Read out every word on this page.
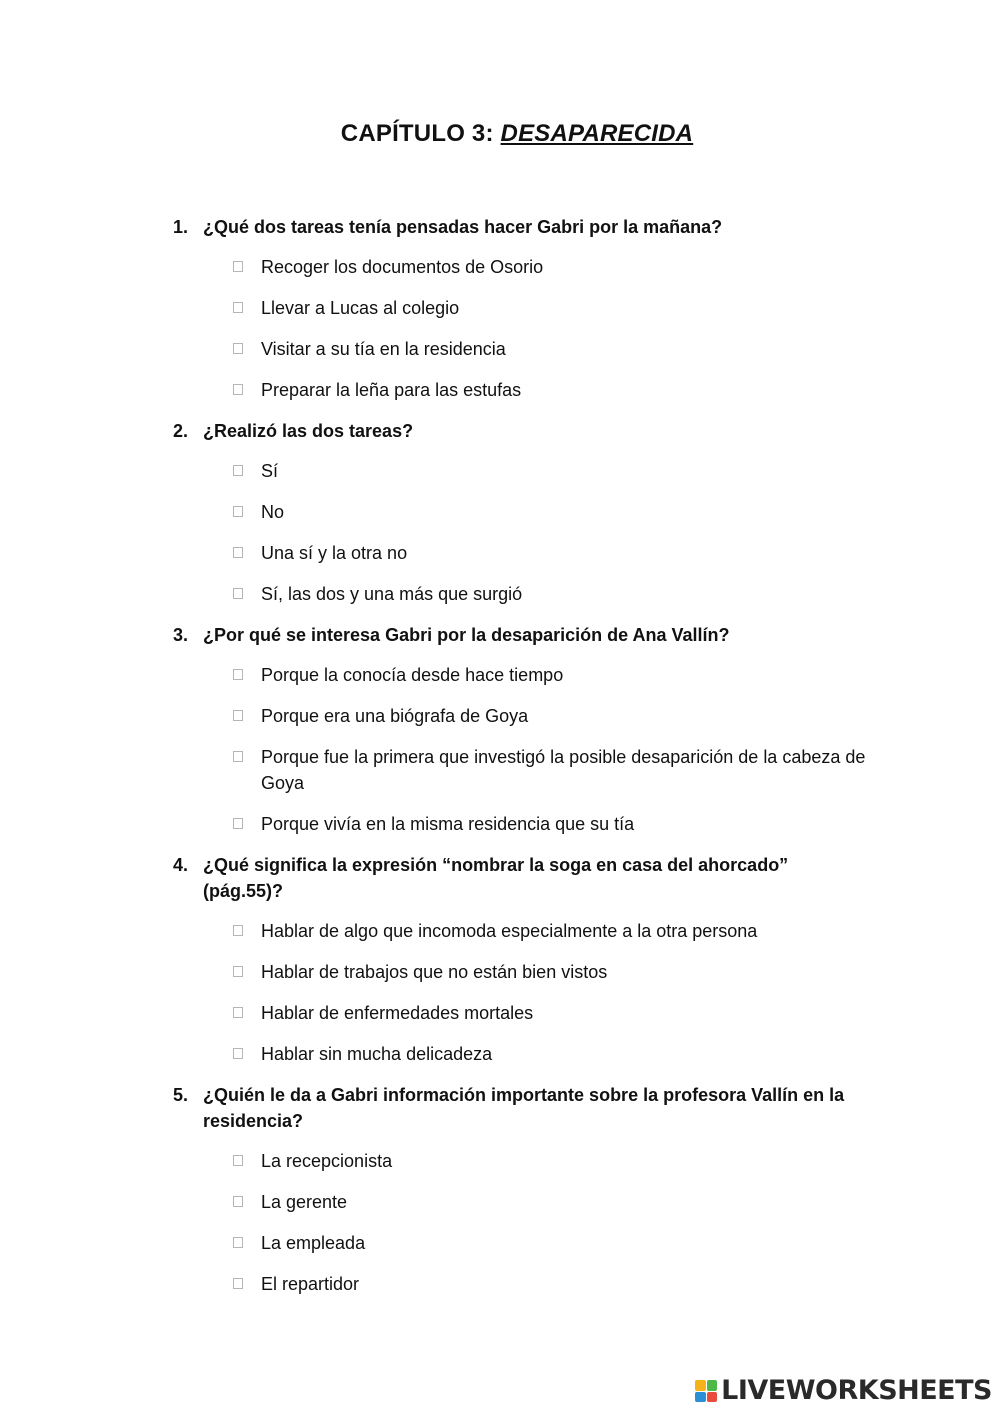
CAPÍTULO 3: DESAPARECIDA
1. ¿Qué dos tareas tenía pensadas hacer Gabri por la mañana?
Recoger los documentos de Osorio
Llevar a Lucas al colegio
Visitar a su tía en la residencia
Preparar la leña para las estufas
2. ¿Realizó las dos tareas?
Sí
No
Una sí y la otra no
Sí, las dos y una más que surgió
3. ¿Por qué se interesa Gabri por la desaparición de Ana Vallín?
Porque la conocía desde hace tiempo
Porque era una biógrafa de Goya
Porque fue la primera que investigó la posible desaparición de la cabeza de Goya
Porque vivía en la misma residencia que su tía
4. ¿Qué significa la expresión “nombrar la soga en casa del ahorcado” (pág.55)?
Hablar de algo que incomoda especialmente a la otra persona
Hablar de trabajos que no están bien vistos
Hablar de enfermedades mortales
Hablar sin mucha delicadeza
5. ¿Quién le da a Gabri información importante sobre la profesora Vallín en la residencia?
La recepcionista
La gerente
La empleada
El repartidor
LIVEWORKSHEETS
